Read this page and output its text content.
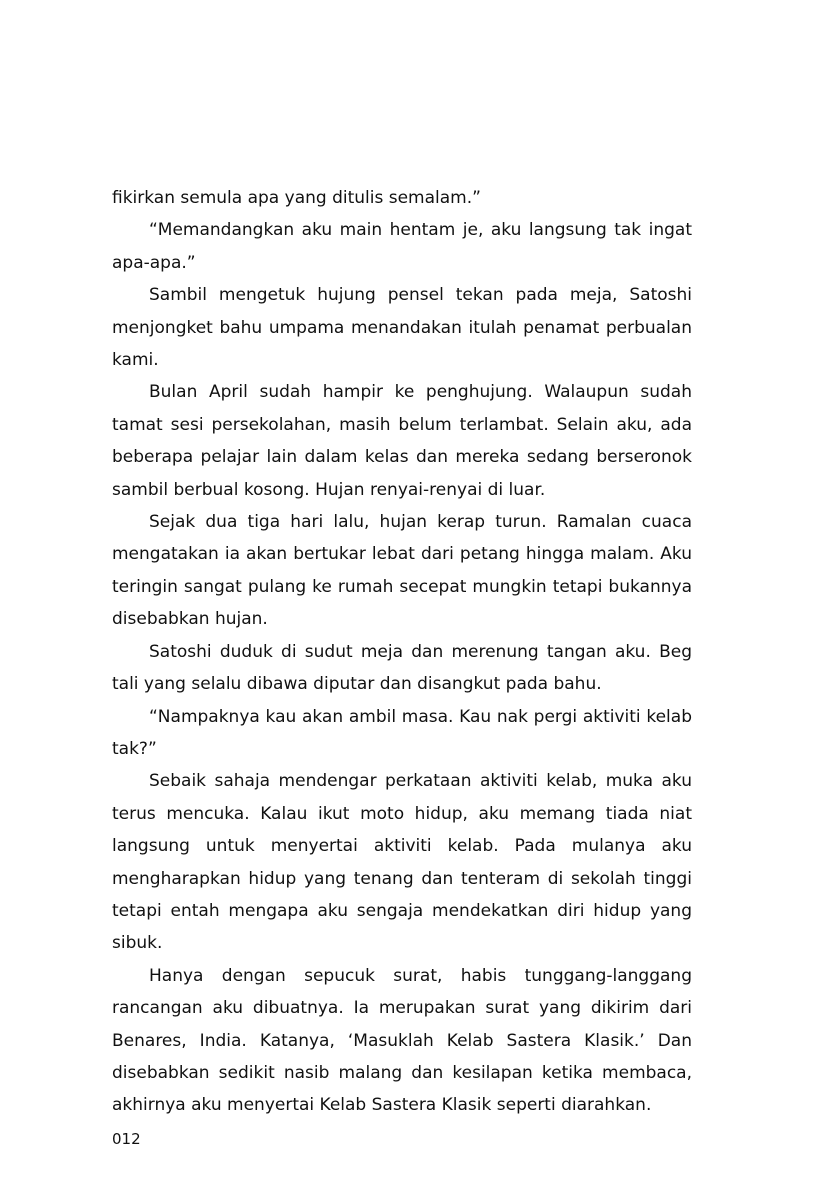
fikirkan semula apa yang ditulis semalam.”

“Memandangkan aku main hentam je, aku langsung tak ingat apa-apa.”

Sambil mengetuk hujung pensel tekan pada meja, Satoshi menjongket bahu umpama menandakan itulah penamat perbualan kami.

Bulan April sudah hampir ke penghujung. Walaupun sudah tamat sesi persekolahan, masih belum terlambat. Selain aku, ada beberapa pelajar lain dalam kelas dan mereka sedang berseronok sambil berbual kosong. Hujan renyai-renyai di luar.

Sejak dua tiga hari lalu, hujan kerap turun. Ramalan cuaca mengatakan ia akan bertukar lebat dari petang hingga malam. Aku teringin sangat pulang ke rumah secepat mungkin tetapi bukannya disebabkan hujan.

Satoshi duduk di sudut meja dan merenung tangan aku. Beg tali yang selalu dibawa diputar dan disangkut pada bahu.

“Nampaknya kau akan ambil masa. Kau nak pergi aktiviti kelab tak?”

Sebaik sahaja mendengar perkataan aktiviti kelab, muka aku terus mencuka. Kalau ikut moto hidup, aku memang tiada niat langsung untuk menyertai aktiviti kelab. Pada mulanya aku mengharapkan hidup yang tenang dan tenteram di sekolah tinggi tetapi entah mengapa aku sengaja mendekatkan diri hidup yang sibuk.

Hanya dengan sepucuk surat, habis tunggang-langgang rancangan aku dibuatnya. Ia merupakan surat yang dikirim dari Benares, India. Katanya, ‘Masuklah Kelab Sastera Klasik.’ Dan disebabkan sedikit nasib malang dan kesilapan ketika membaca, akhirnya aku menyertai Kelab Sastera Klasik seperti diarahkan.

012
